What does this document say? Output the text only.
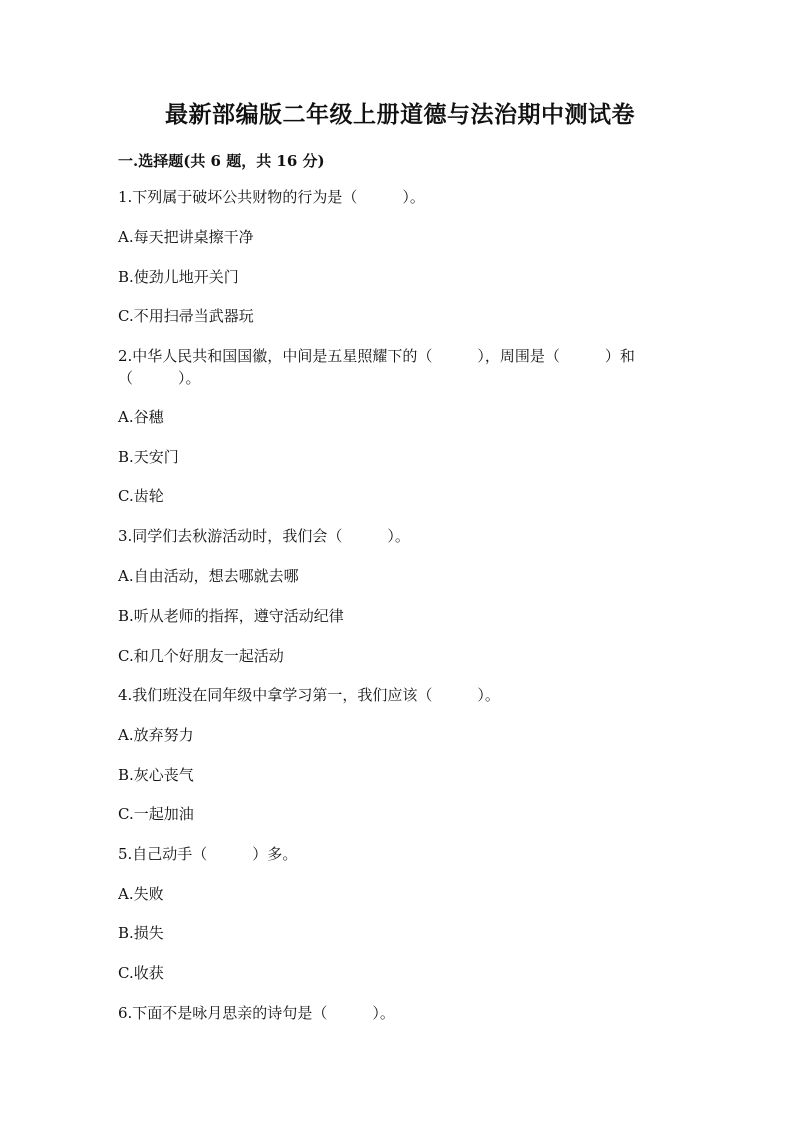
最新部编版二年级上册道德与法治期中测试卷
一.选择题(共 6 题，共 16 分)
1.下列属于破坏公共财物的行为是（　　　）。
A.每天把讲桌擦干净
B.使劲儿地开关门
C.不用扫帚当武器玩
2.中华人民共和国国徽，中间是五星照耀下的（　　　），周围是（　　　）和
（　　　）。
A.谷穗
B.天安门
C.齿轮
3.同学们去秋游活动时，我们会（　　　）。
A.自由活动，想去哪就去哪
B.听从老师的指挥，遵守活动纪律
C.和几个好朋友一起活动
4.我们班没在同年级中拿学习第一，我们应该（　　　）。
A.放弃努力
B.灰心丧气
C.一起加油
5.自己动手（　　　）多。
A.失败
B.损失
C.收获
6.下面不是咏月思亲的诗句是（　　　）。
